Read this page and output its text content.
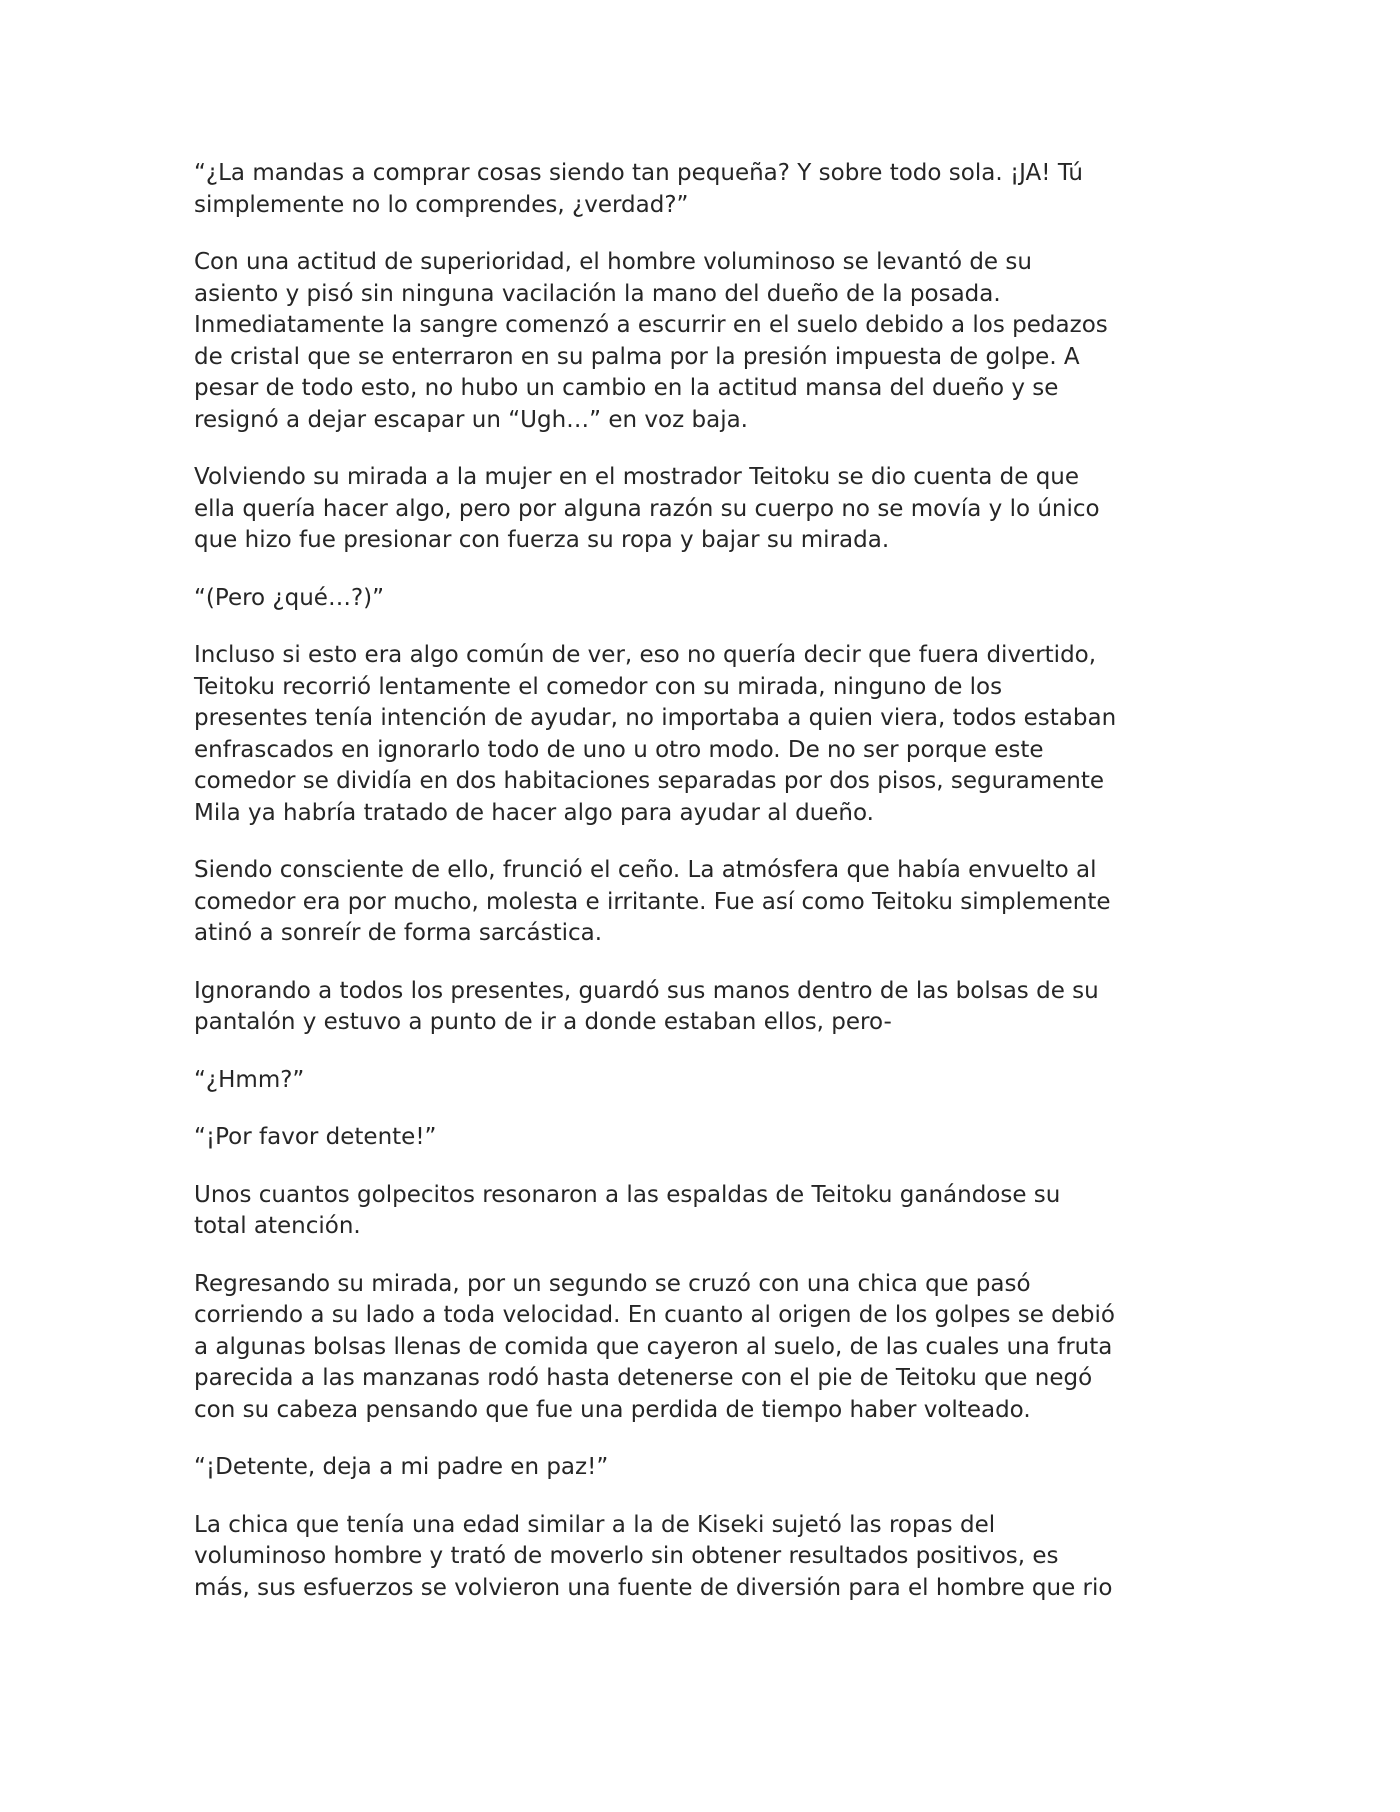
“¿La mandas a comprar cosas siendo tan pequeña? Y sobre todo sola. ¡JA! Tú
simplemente no lo comprendes, ¿verdad?”

Con una actitud de superioridad, el hombre voluminoso se levantó de su
asiento y pisó sin ninguna vacilación la mano del dueño de la posada.
Inmediatamente la sangre comenzó a escurrir en el suelo debido a los pedazos
de cristal que se enterraron en su palma por la presión impuesta de golpe. A
pesar de todo esto, no hubo un cambio en la actitud mansa del dueño y se
resignó a dejar escapar un “Ugh…” en voz baja.

Volviendo su mirada a la mujer en el mostrador Teitoku se dio cuenta de que
ella quería hacer algo, pero por alguna razón su cuerpo no se movía y lo único
que hizo fue presionar con fuerza su ropa y bajar su mirada.

“(Pero ¿qué…?)”

Incluso si esto era algo común de ver, eso no quería decir que fuera divertido,
Teitoku recorrió lentamente el comedor con su mirada, ninguno de los
presentes tenía intención de ayudar, no importaba a quien viera, todos estaban
enfrascados en ignorarlo todo de uno u otro modo. De no ser porque este
comedor se dividía en dos habitaciones separadas por dos pisos, seguramente
Mila ya habría tratado de hacer algo para ayudar al dueño.

Siendo consciente de ello, frunció el ceño. La atmósfera que había envuelto al
comedor era por mucho, molesta e irritante. Fue así como Teitoku simplemente
atinó a sonreír de forma sarcástica.

Ignorando a todos los presentes, guardó sus manos dentro de las bolsas de su
pantalón y estuvo a punto de ir a donde estaban ellos, pero-

“¿Hmm?”

“¡Por favor detente!”

Unos cuantos golpecitos resonaron a las espaldas de Teitoku ganándose su
total atención.

Regresando su mirada, por un segundo se cruzó con una chica que pasó
corriendo a su lado a toda velocidad. En cuanto al origen de los golpes se debió
a algunas bolsas llenas de comida que cayeron al suelo, de las cuales una fruta
parecida a las manzanas rodó hasta detenerse con el pie de Teitoku que negó
con su cabeza pensando que fue una perdida de tiempo haber volteado.

“¡Detente, deja a mi padre en paz!”

La chica que tenía una edad similar a la de Kiseki sujetó las ropas del
voluminoso hombre y trató de moverlo sin obtener resultados positivos, es
más, sus esfuerzos se volvieron una fuente de diversión para el hombre que rio
